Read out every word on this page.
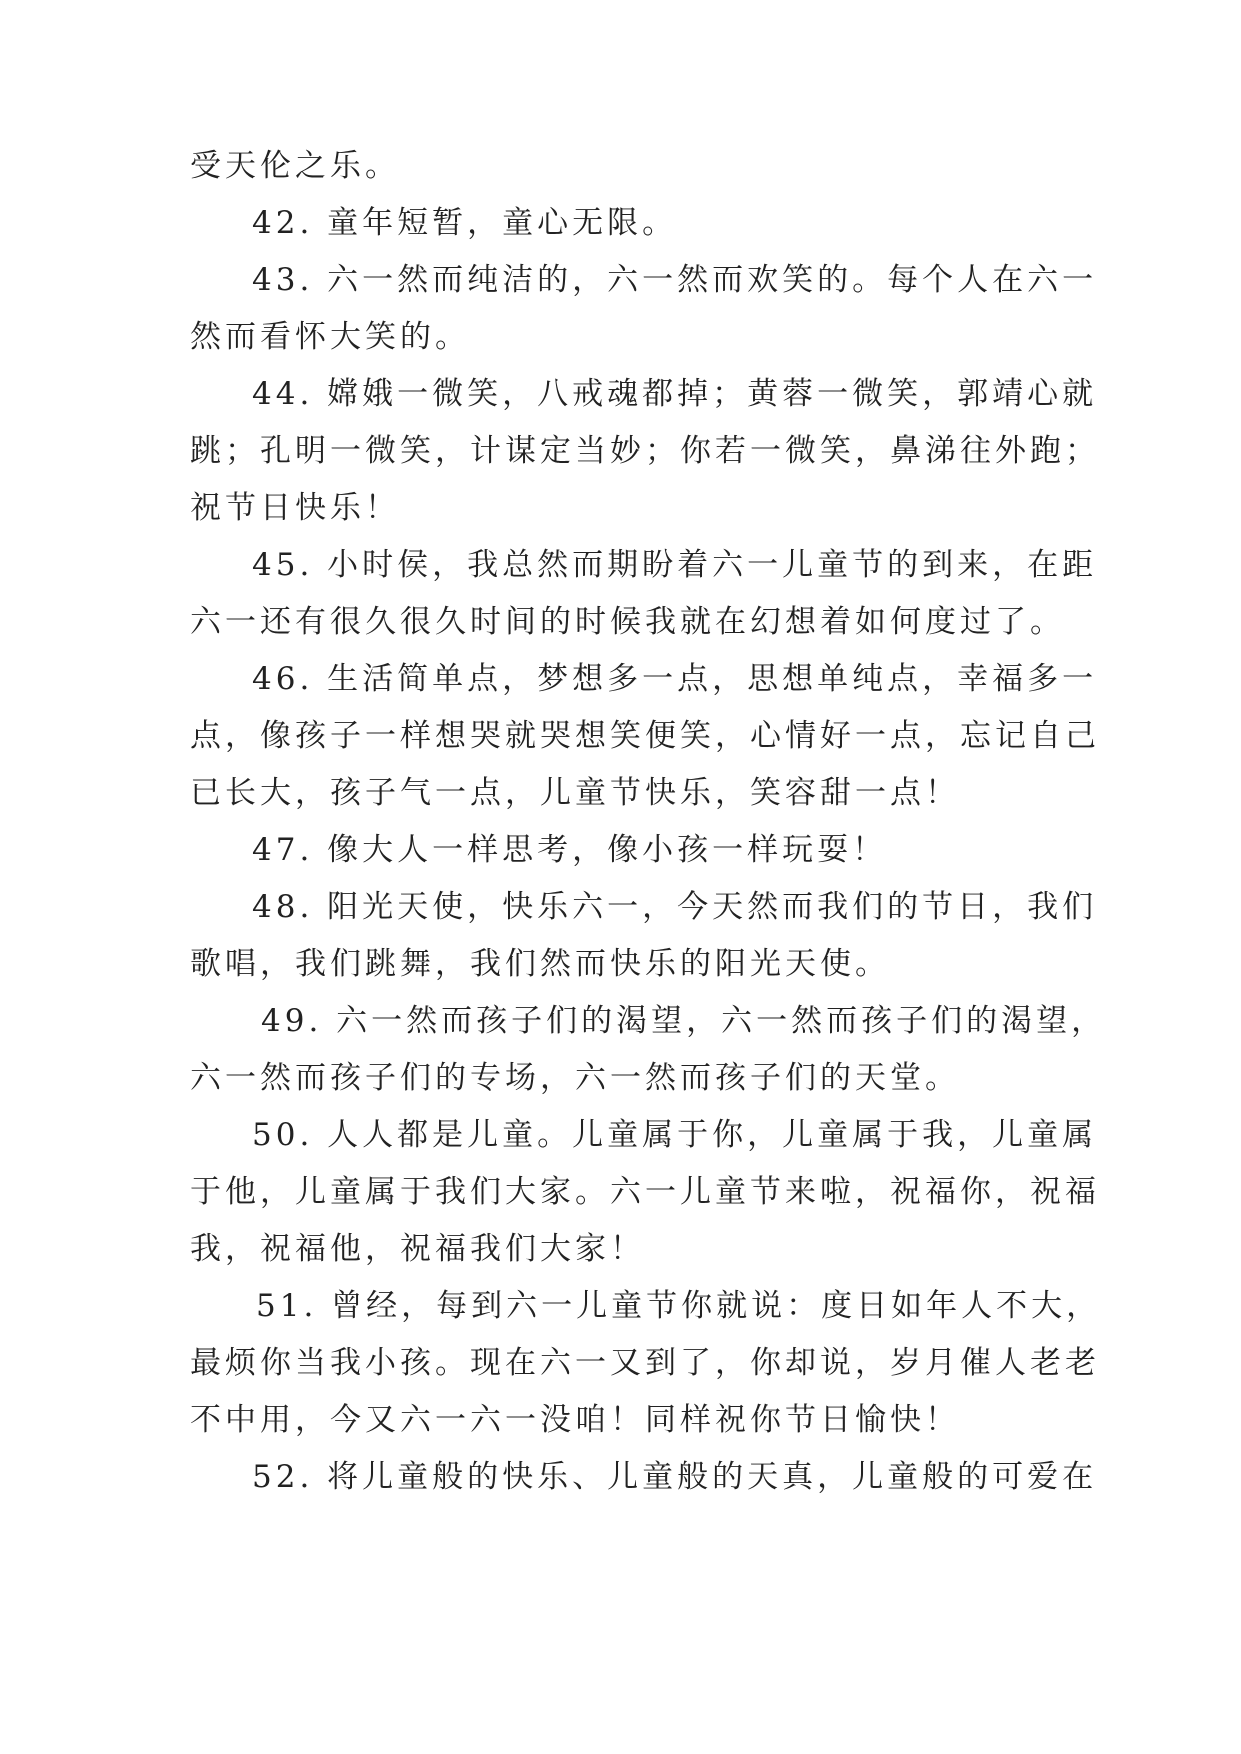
受天伦之乐。
42. 童年短暂，童心无限。
43. 六一然而纯洁的，六一然而欢笑的。每个人在六一
然而看怀大笑的。
44. 嫦娥一微笑，八戒魂都掉；黄蓉一微笑，郭靖心就
跳；孔明一微笑，计谋定当妙；你若一微笑，鼻涕往外跑；
祝节日快乐！
45. 小时侯，我总然而期盼着六一儿童节的到来，在距
六一还有很久很久时间的时候我就在幻想着如何度过了。
46. 生活简单点，梦想多一点，思想单纯点，幸福多一
点，像孩子一样想哭就哭想笑便笑，心情好一点，忘记自己
已长大，孩子气一点，儿童节快乐，笑容甜一点！
47. 像大人一样思考，像小孩一样玩耍！
48. 阳光天使，快乐六一，今天然而我们的节日，我们
歌唱，我们跳舞，我们然而快乐的阳光天使。
49. 六一然而孩子们的渴望，六一然而孩子们的渴望，
六一然而孩子们的专场，六一然而孩子们的天堂。
50. 人人都是儿童。儿童属于你，儿童属于我，儿童属
于他，儿童属于我们大家。六一儿童节来啦，祝福你，祝福
我，祝福他，祝福我们大家！
51. 曾经，每到六一儿童节你就说：度日如年人不大，
最烦你当我小孩。现在六一又到了，你却说，岁月催人老老
不中用，今又六一六一没咱！同样祝你节日愉快！
52. 将儿童般的快乐、儿童般的天真，儿童般的可爱在
